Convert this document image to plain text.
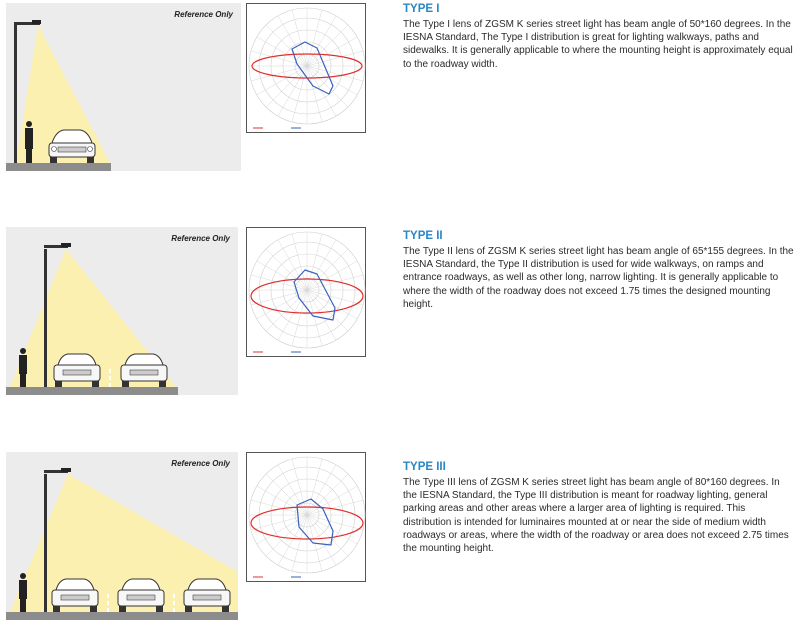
Reference Only	TYPE I

The Type I lens of ZGSM K series street light has beam angle of 50*160 degrees. In the IESNA Standard, The Type I distribution is great for lighting walkways, paths and sidewalks. It is generally applicable to where the mounting height is approximately equal to the roadway width.

Reference Only	TYPE II

The Type II lens of ZGSM K series street light has beam angle of 65*155 degrees. In the IESNA Standard, the Type II distribution is used for wide walkways, on ramps and entrance roadways, as well as other long, narrow lighting. It is generally applicable to where the width of the roadway does not exceed 1.75 times the designed mounting height.

Reference Only	TYPE III

The Type III lens of ZGSM K series street light has beam angle of 80*160 degrees. In the IESNA Standard, the Type III distribution is meant for roadway lighting, general parking areas and other areas where a larger area of lighting is required. This distribution is intended for luminaires mounted at or near the side of medium width roadways or areas, where the width of the roadway or area does not exceed 2.75 times the mounting height.
